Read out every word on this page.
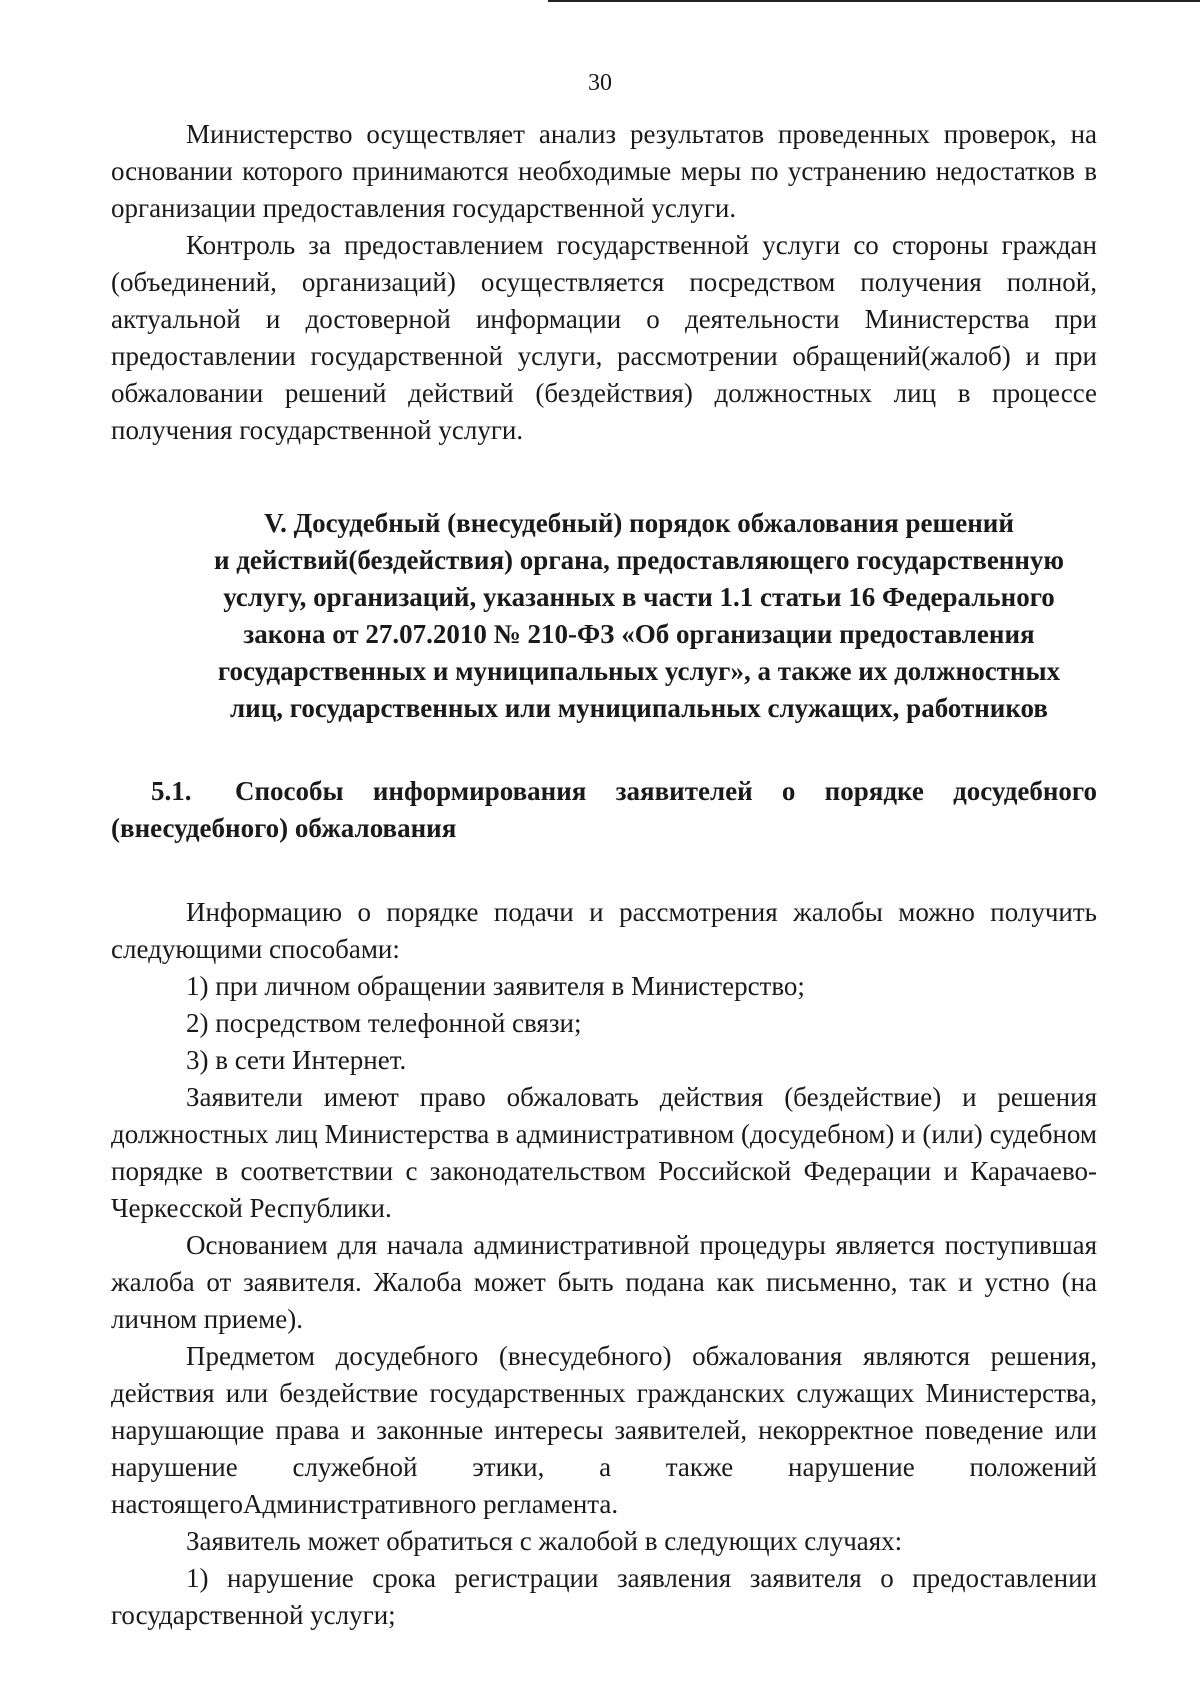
30

Министерство осуществляет анализ результатов проведенных проверок, на основании которого принимаются необходимые меры по устранению недостатков в организации предоставления государственной услуги.

Контроль за предоставлением государственной услуги со стороны граждан (объединений, организаций) осуществляется посредством получения полной, актуальной и достоверной информации о деятельности Министерства при предоставлении государственной услуги, рассмотрении обращений(жалоб) и при обжаловании решений действий (бездействия) должностных лиц в процессе получения государственной услуги.

V. Досудебный (внесудебный) порядок обжалования решений
и действий(бездействия) органа, предоставляющего государственную
услугу, организаций, указанных в части 1.1 статьи 16 Федерального
закона от 27.07.2010 № 210-ФЗ «Об организации предоставления
государственных и муниципальных услуг», а также их должностных
лиц, государственных или муниципальных служащих, работников

5.1. Способы информирования заявителей о порядке досудебного (внесудебного) обжалования

Информацию о порядке подачи и рассмотрения жалобы можно получить следующими способами:

1) при личном обращении заявителя в Министерство;

2) посредством телефонной связи;

3) в сети Интернет.

Заявители имеют право обжаловать действия (бездействие) и решения должностных лиц Министерства в административном (досудебном) и (или) судебном порядке в соответствии с законодательством Российской Федерации и Карачаево-Черкесской Республики.

Основанием для начала административной процедуры является поступившая жалоба от заявителя. Жалоба может быть подана как письменно, так и устно (на личном приеме).

Предметом досудебного (внесудебного) обжалования являются решения, действия или бездействие государственных гражданских служащих Министерства, нарушающие права и законные интересы заявителей, некорректное поведение или нарушение служебной этики, а также нарушение положений настоящегоАдминистративного регламента.

Заявитель может обратиться с жалобой в следующих случаях:

1) нарушение срока регистрации заявления заявителя о предоставлении государственной услуги;
